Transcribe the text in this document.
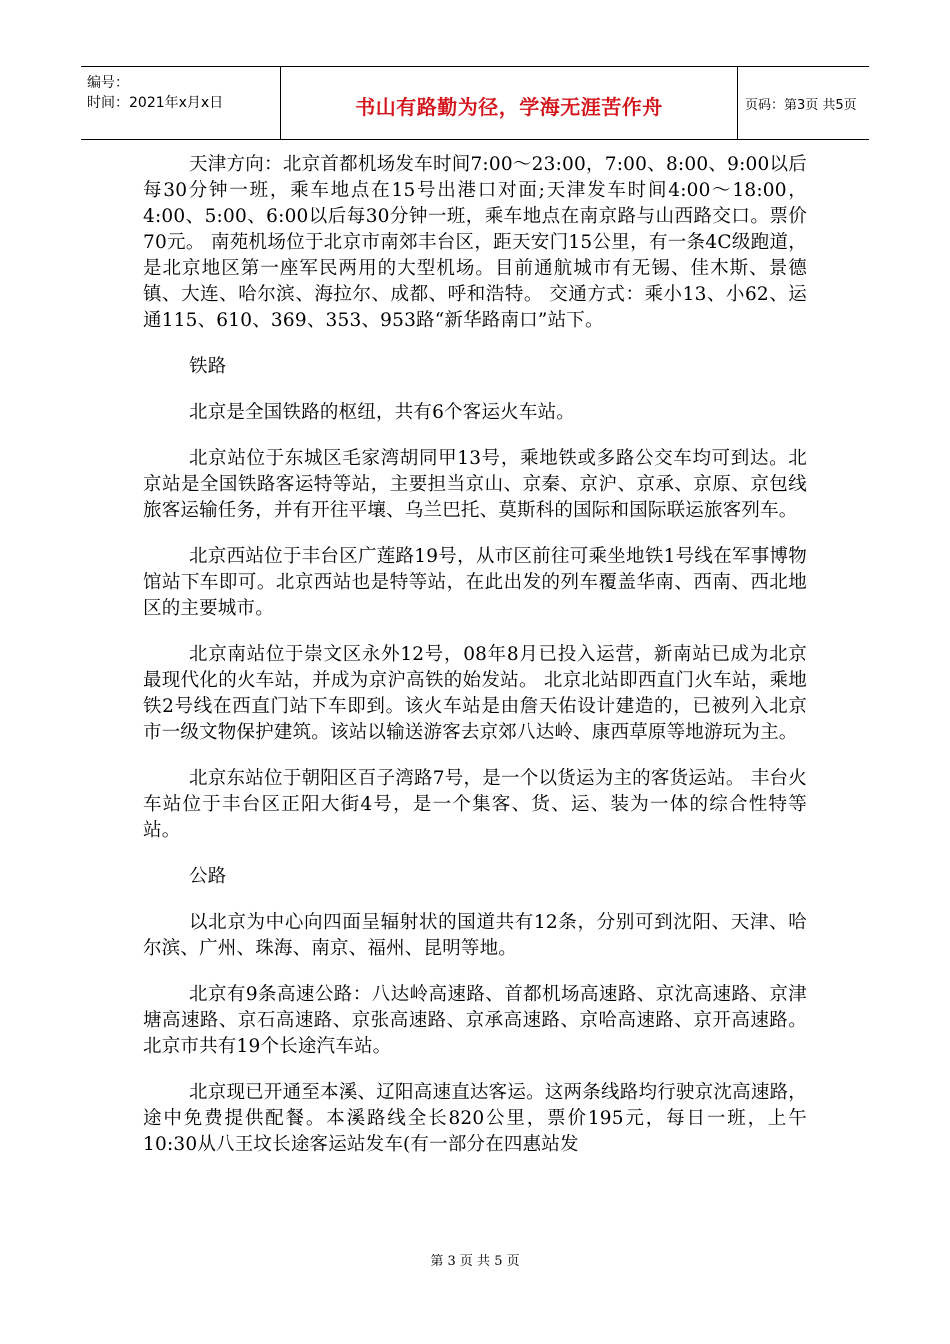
编号：
时间：2021年x月x日	书山有路勤为径，学海无涯苦作舟	页码：第3页 共5页

天津方向：北京首都机场发车时间7:00～23:00，7:00、8:00、9:00以后每30分钟一班，乘车地点在15号出港口对面;天津发车时间4:00～18:00，4:00、5:00、6:00以后每30分钟一班，乘车地点在南京路与山西路交口。票价70元。 南苑机场位于北京市南郊丰台区，距天安门15公里，有一条4C级跑道，是北京地区第一座军民两用的大型机场。目前通航城市有无锡、佳木斯、景德镇、大连、哈尔滨、海拉尔、成都、呼和浩特。 交通方式：乘小13、小62、运通115、610、369、353、953路“新华路南口”站下。

铁路

北京是全国铁路的枢纽，共有6个客运火车站。

北京站位于东城区毛家湾胡同甲13号，乘地铁或多路公交车均可到达。北京站是全国铁路客运特等站，主要担当京山、京秦、京沪、京承、京原、京包线旅客运输任务，并有开往平壤、乌兰巴托、莫斯科的国际和国际联运旅客列车。

北京西站位于丰台区广莲路19号，从市区前往可乘坐地铁1号线在军事博物馆站下车即可。北京西站也是特等站，在此出发的列车覆盖华南、西南、西北地区的主要城市。

北京南站位于崇文区永外12号，08年8月已投入运营，新南站已成为北京最现代化的火车站，并成为京沪高铁的始发站。 北京北站即西直门火车站，乘地铁2号线在西直门站下车即到。该火车站是由詹天佑设计建造的，已被列入北京市一级文物保护建筑。该站以输送游客去京郊八达岭、康西草原等地游玩为主。

北京东站位于朝阳区百子湾路7号，是一个以货运为主的客货运站。 丰台火车站位于丰台区正阳大街4号，是一个集客、货、运、装为一体的综合性特等站。

公路

以北京为中心向四面呈辐射状的国道共有12条，分别可到沈阳、天津、哈尔滨、广州、珠海、南京、福州、昆明等地。

北京有9条高速公路：八达岭高速路、首都机场高速路、京沈高速路、京津塘高速路、京石高速路、京张高速路、京承高速路、京哈高速路、京开高速路。 北京市共有19个长途汽车站。

北京现已开通至本溪、辽阳高速直达客运。这两条线路均行驶京沈高速路，途中免费提供配餐。本溪路线全长820公里，票价195元，每日一班，上午10:30从八王坟长途客运站发车(有一部分在四惠站发

第 3 页 共 5 页
